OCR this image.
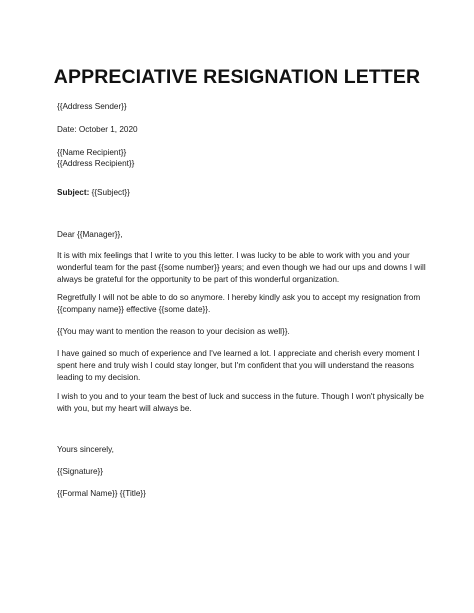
APPRECIATIVE RESIGNATION LETTER
{{Address Sender}}
Date: October 1, 2020
{{Name Recipient}}
{{Address Recipient}}
Subject: {{Subject}}
Dear {{Manager}},
It is with mix feelings that I write to you this letter. I was lucky to be able to work with you and your
wonderful team for the past {{some number}} years; and even though we had our ups and downs I will
always be grateful for the opportunity to be part of this wonderful organization.
Regretfully I will not be able to do so anymore. I hereby kindly ask you to accept my resignation from
{{company name}} effective {{some date}}.
{{You may want to mention the reason to your decision as well}}.
I have gained so much of experience and I've learned a lot. I appreciate and cherish every moment I
spent here and truly wish I could stay longer, but I'm confident that you will understand the reasons
leading to my decision.
I wish to you and to your team the best of luck and success in the future. Though I won't physically be
with you, but my heart will always be.
Yours sincerely,
{{Signature}}
{{Formal Name}} {{Title}}
